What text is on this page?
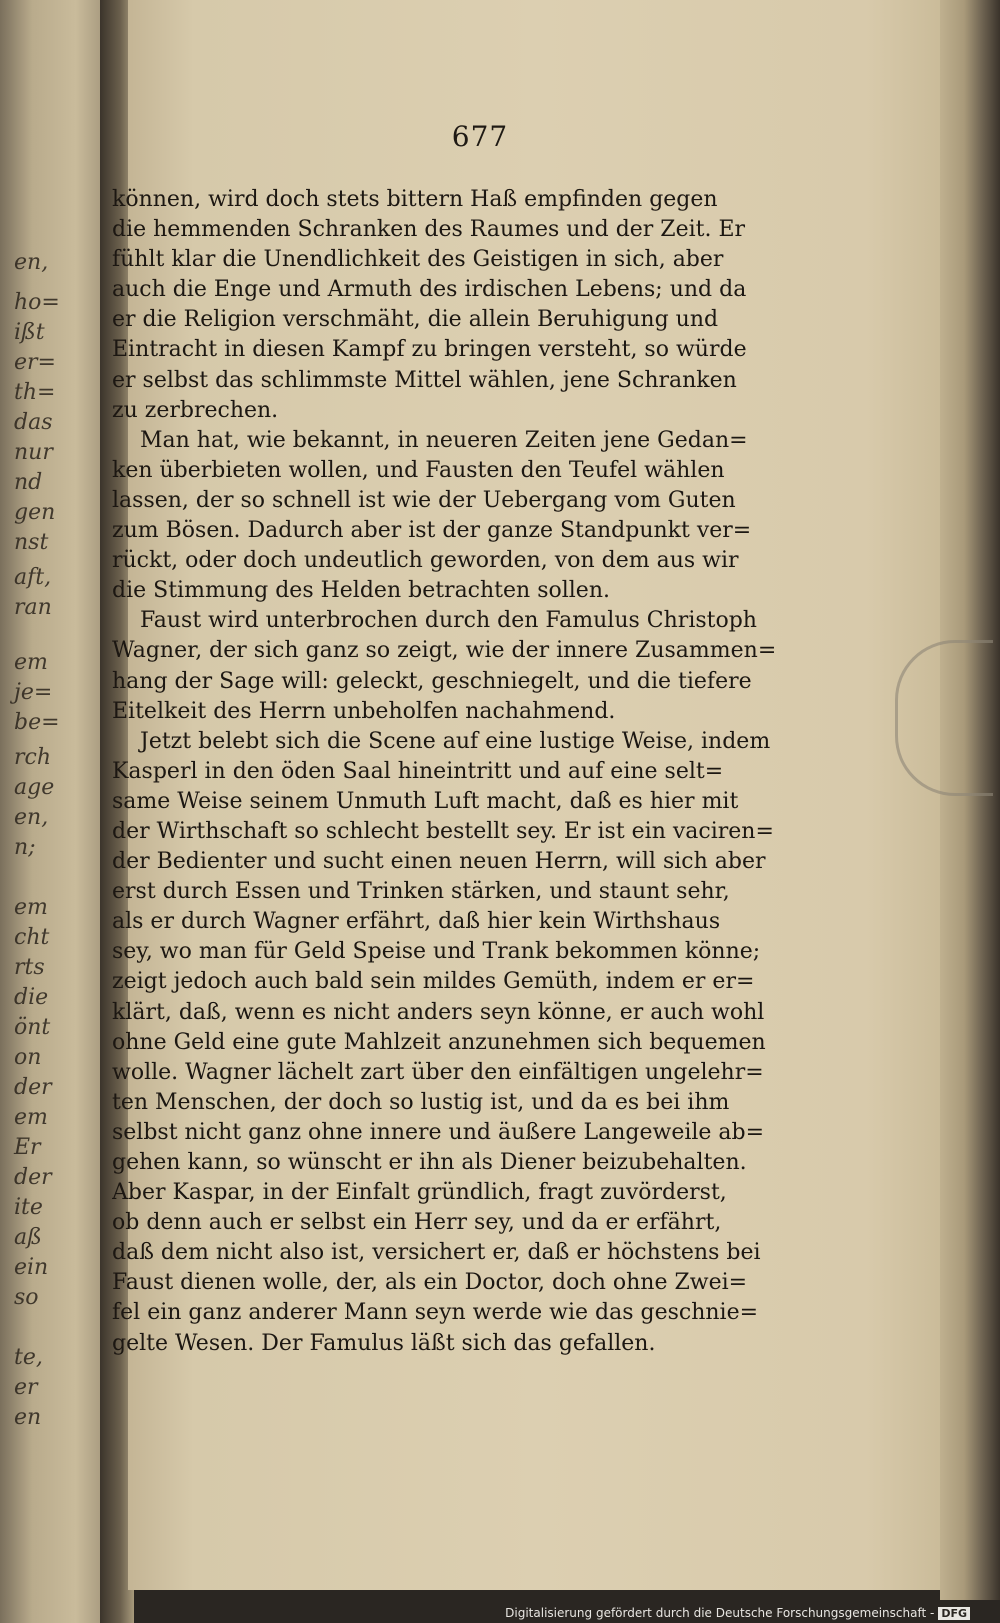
en,
ho=
ißt
er=
th=
das
nur
nd
gen
nst
aft,
ran
em
je=
be=
rch
age
en,
n;
em
cht
rts
die
önt
on
der
em
Er
der
ite
aß
ein
so
te,
er
en
677
können, wird doch stets bittern Haß empfinden gegen
die hemmenden Schranken des Raumes und der Zeit. Er
fühlt klar die Unendlichkeit des Geistigen in sich, aber
auch die Enge und Armuth des irdischen Lebens; und da
er die Religion verschmäht, die allein Beruhigung und
Eintracht in diesen Kampf zu bringen versteht, so würde
er selbst das schlimmste Mittel wählen, jene Schranken
zu zerbrechen.
Man hat, wie bekannt, in neueren Zeiten jene Gedan=
ken überbieten wollen, und Fausten den Teufel wählen
lassen, der so schnell ist wie der Uebergang vom Guten
zum Bösen. Dadurch aber ist der ganze Standpunkt ver=
rückt, oder doch undeutlich geworden, von dem aus wir
die Stimmung des Helden betrachten sollen.
Faust wird unterbrochen durch den Famulus Christoph
Wagner, der sich ganz so zeigt, wie der innere Zusammen=
hang der Sage will: geleckt, geschniegelt, und die tiefere
Eitelkeit des Herrn unbeholfen nachahmend.
Jetzt belebt sich die Scene auf eine lustige Weise, indem
Kasperl in den öden Saal hineintritt und auf eine selt=
same Weise seinem Unmuth Luft macht, daß es hier mit
der Wirthschaft so schlecht bestellt sey. Er ist ein vaciren=
der Bedienter und sucht einen neuen Herrn, will sich aber
erst durch Essen und Trinken stärken, und staunt sehr,
als er durch Wagner erfährt, daß hier kein Wirthshaus
sey, wo man für Geld Speise und Trank bekommen könne;
zeigt jedoch auch bald sein mildes Gemüth, indem er er=
klärt, daß, wenn es nicht anders seyn könne, er auch wohl
ohne Geld eine gute Mahlzeit anzunehmen sich bequemen
wolle. Wagner lächelt zart über den einfältigen ungelehr=
ten Menschen, der doch so lustig ist, und da es bei ihm
selbst nicht ganz ohne innere und äußere Langeweile ab=
gehen kann, so wünscht er ihn als Diener beizubehalten.
Aber Kaspar, in der Einfalt gründlich, fragt zuvörderst,
ob denn auch er selbst ein Herr sey, und da er erfährt,
daß dem nicht also ist, versichert er, daß er höchstens bei
Faust dienen wolle, der, als ein Doctor, doch ohne Zwei=
fel ein ganz anderer Mann seyn werde wie das geschnie=
gelte Wesen. Der Famulus läßt sich das gefallen.
Digitalisierung gefördert durch die Deutsche Forschungsgemeinschaft - DFG
